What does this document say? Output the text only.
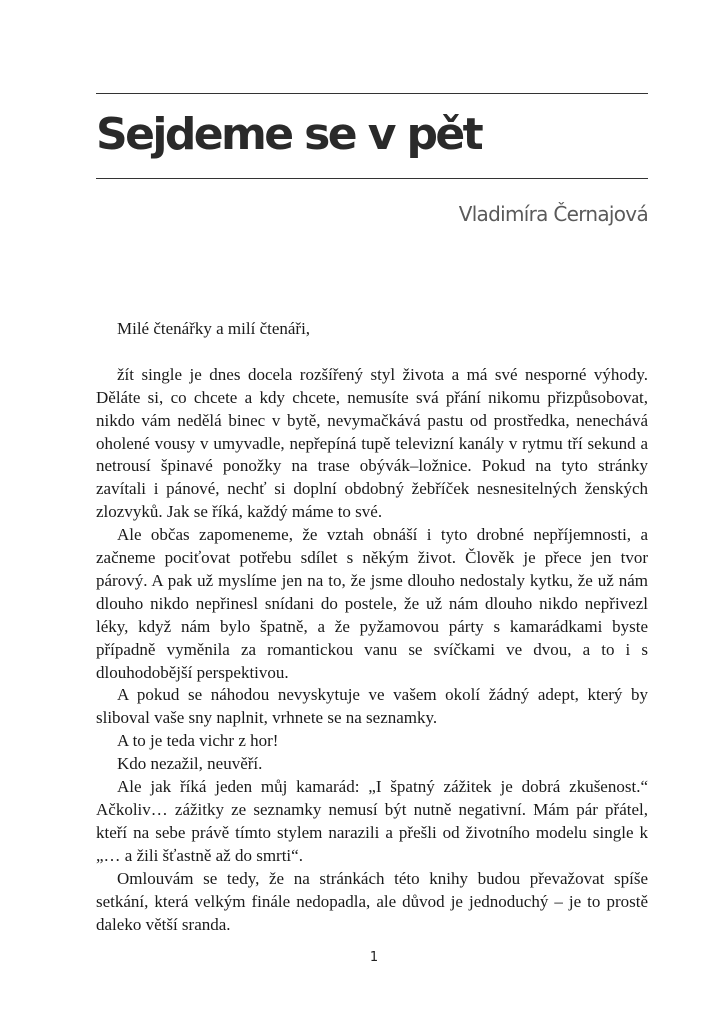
Sejdeme se v pět

Vladimíra Černajová

Milé čtenářky a milí čtenáři,

žít single je dnes docela rozšířený styl života a má své nesporné výhody. Děláte si, co chcete a kdy chcete, nemusíte svá přání nikomu přizpůsobovat, nikdo vám nedělá binec v bytě, nevymačkává pastu od prostředka, nenechává oholené vousy v umyvadle, nepřepíná tupě televizní kanály v rytmu tří sekund a netrousí špinavé ponožky na trase obývák–ložnice. Pokud na tyto stránky zavítali i pánové, nechť si doplní obdobný žebříček nesnesitelných ženských zlozvyků. Jak se říká, každý máme to své.

Ale občas zapomeneme, že vztah obnáší i tyto drobné nepříjemnosti, a začneme pociťovat potřebu sdílet s někým život. Člověk je přece jen tvor párový. A pak už myslíme jen na to, že jsme dlouho nedostaly kytku, že už nám dlouho nikdo nepřinesl snídani do postele, že už nám dlouho nikdo nepřivezl léky, když nám bylo špatně, a že pyžamovou párty s kamarádkami byste případně vyměnila za romantickou vanu se svíčkami ve dvou, a to i s dlouhodobější perspektivou.

A pokud se náhodou nevyskytuje ve vašem okolí žádný adept, který by sliboval vaše sny naplnit, vrhnete se na seznamky.

A to je teda vichr z hor!

Kdo nezažil, neuvěří.

Ale jak říká jeden můj kamarád: „I špatný zážitek je dobrá zkušenost.“ Ačkoliv… zážitky ze seznamky nemusí být nutně negativní. Mám pár přátel, kteří na sebe právě tímto stylem narazili a přešli od životního modelu single k „… a žili šťastně až do smrti“.

Omlouvám se tedy, že na stránkách této knihy budou převažovat spíše setkání, která velkým finále nedopadla, ale důvod je jednoduchý – je to prostě daleko větší sranda.

1
